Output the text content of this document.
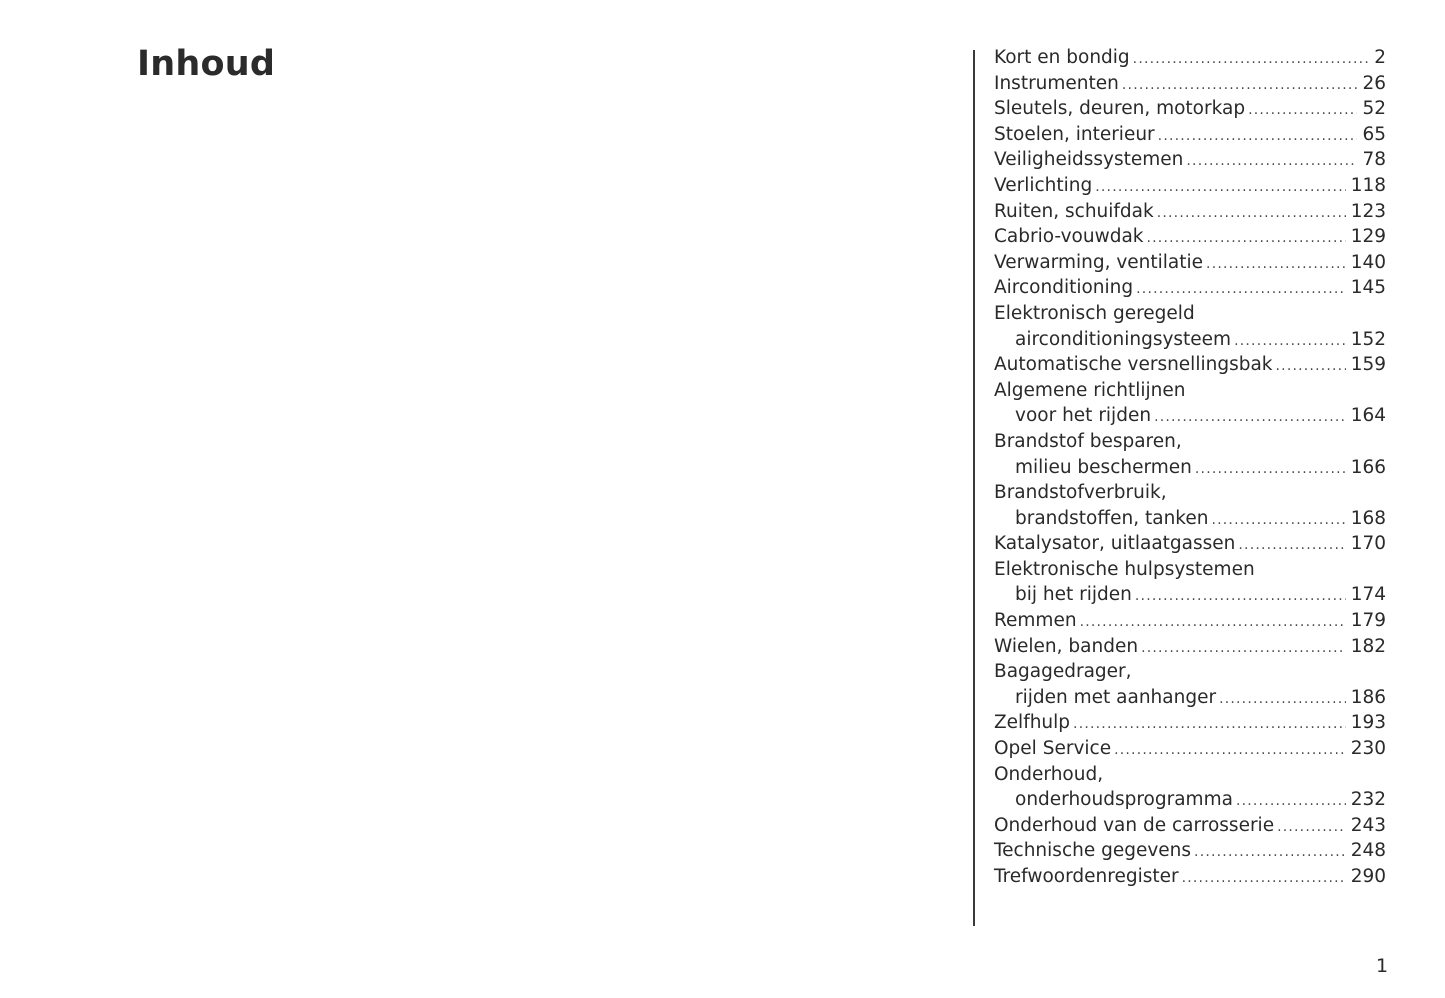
Inhoud	Kort en bondig .....	2
Instrumenten .....	26
Sleutels, deuren, motorkap .....	52
Stoelen, interieur .....	65
Veiligheidssystemen .....	78
Verlichting .....	118
Ruiten, schuifdak .....	123
Cabrio-vouwdak .....	129
Verwarming, ventilatie .....	140
Airconditioning .....	145
Elektronisch geregeld
airconditioningsysteem .....	152
Automatische versnellingsbak .....	159
Algemene richtlijnen
voor het rijden .....	164
Brandstof besparen,
milieu beschermen .....	166
Brandstofverbruik,
brandstoffen, tanken .....	168
Katalysator, uitlaatgassen .....	170
Elektronische hulpsystemen
bij het rijden .....	174
Remmen .....	179
Wielen, banden .....	182
Bagagedrager,
rijden met aanhanger .....	186
Zelfhulp .....	193
Opel Service .....	230
Onderhoud,
onderhoudsprogramma .....	232
Onderhoud van de carrosserie .....	243
Technische gegevens .....	248
Trefwoordenregister .....	290
1
